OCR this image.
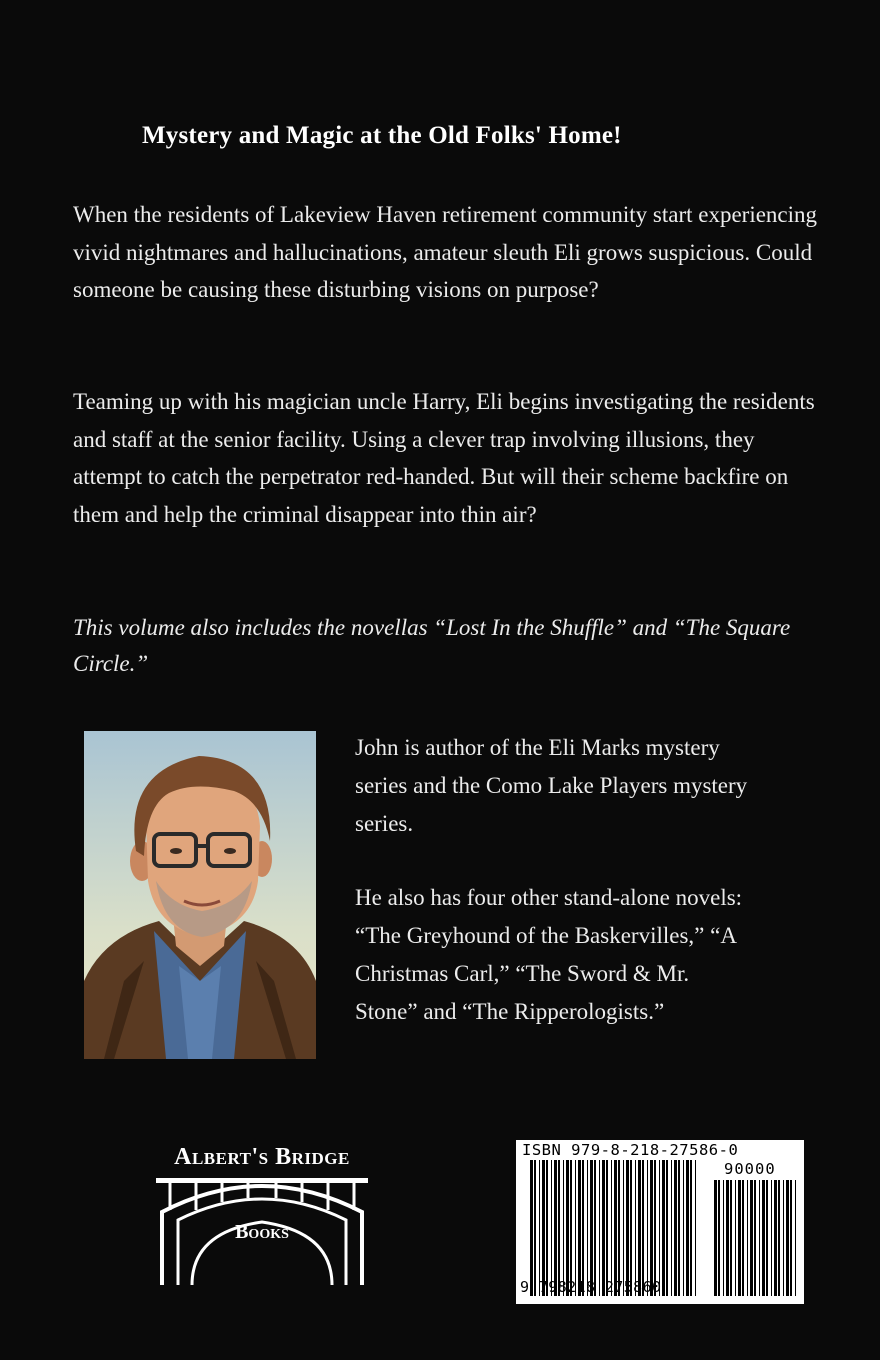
Mystery and Magic at the Old Folks' Home!

When the residents of Lakeview Haven retirement community start experiencing vivid nightmares and hallucinations, amateur sleuth Eli grows suspicious. Could someone be causing these disturbing visions on purpose?

Teaming up with his magician uncle Harry, Eli begins investigating the residents and staff at the senior facility. Using a clever trap involving illusions, they attempt to catch the perpetrator red-handed. But will their scheme backfire on them and help the criminal disappear into thin air?

This volume also includes the novellas “Lost In the Shuffle” and “The Square Circle.”

John is author of the Eli Marks mystery series and the Como Lake Players mystery series.

He also has four other stand-alone novels: “The Greyhound of the Baskervilles,” “A Christmas Carl,” “The Sword & Mr. Stone” and “The Ripperologists.”

Albert's Bridge
Books
ISBN 979-8-218-27586-0
90000
9 798218 275860
